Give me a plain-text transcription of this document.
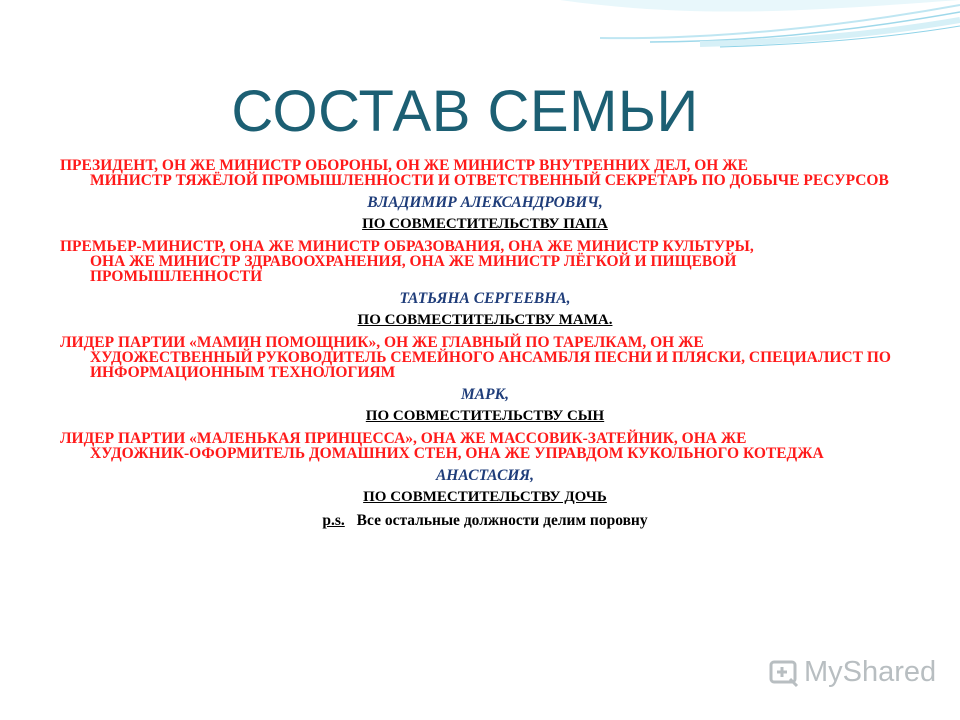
СОСТАВ СЕМЬИ

ПРЕЗИДЕНТ, ОН ЖЕ МИНИСТР ОБОРОНЫ, ОН ЖЕ МИНИСТР ВНУТРЕННИХ ДЕЛ, ОН ЖЕ
МИНИСТР ТЯЖЁЛОЙ ПРОМЫШЛЕННОСТИ И ОТВЕТСТВЕННЫЙ СЕКРЕТАРЬ ПО ДОБЫЧЕ РЕСУРСОВ

ВЛАДИМИР АЛЕКСАНДРОВИЧ,

ПО СОВМЕСТИТЕЛЬСТВУ ПАПА

ПРЕМЬЕР-МИНИСТР, ОНА ЖЕ МИНИСТР ОБРАЗОВАНИЯ, ОНА ЖЕ МИНИСТР КУЛЬТУРЫ,
ОНА ЖЕ МИНИСТР ЗДРАВООХРАНЕНИЯ, ОНА ЖЕ МИНИСТР ЛЁГКОЙ И ПИЩЕВОЙ ПРОМЫШЛЕННОСТИ

ТАТЬЯНА СЕРГЕЕВНА,

ПО СОВМЕСТИТЕЛЬСТВУ МАМА.

ЛИДЕР ПАРТИИ «МАМИН ПОМОЩНИК», ОН ЖЕ ГЛАВНЫЙ ПО ТАРЕЛКАМ, ОН ЖЕ
ХУДОЖЕСТВЕННЫЙ РУКОВОДИТЕЛЬ СЕМЕЙНОГО АНСАМБЛЯ ПЕСНИ И ПЛЯСКИ, СПЕЦИАЛИСТ ПО ИНФОРМАЦИОННЫМ ТЕХНОЛОГИЯМ

МАРК,

ПО СОВМЕСТИТЕЛЬСТВУ СЫН

ЛИДЕР ПАРТИИ «МАЛЕНЬКАЯ ПРИНЦЕССА», ОНА ЖЕ МАССОВИК-ЗАТЕЙНИК, ОНА ЖЕ
ХУДОЖНИК-ОФОРМИТЕЛЬ ДОМАШНИХ СТЕН, ОНА ЖЕ УПРАВДОМ КУКОЛЬНОГО КОТЕДЖА

АНАСТАСИЯ,

ПО СОВМЕСТИТЕЛЬСТВУ ДОЧЬ

p.s. Все остальные должности делим поровну

MyShared
